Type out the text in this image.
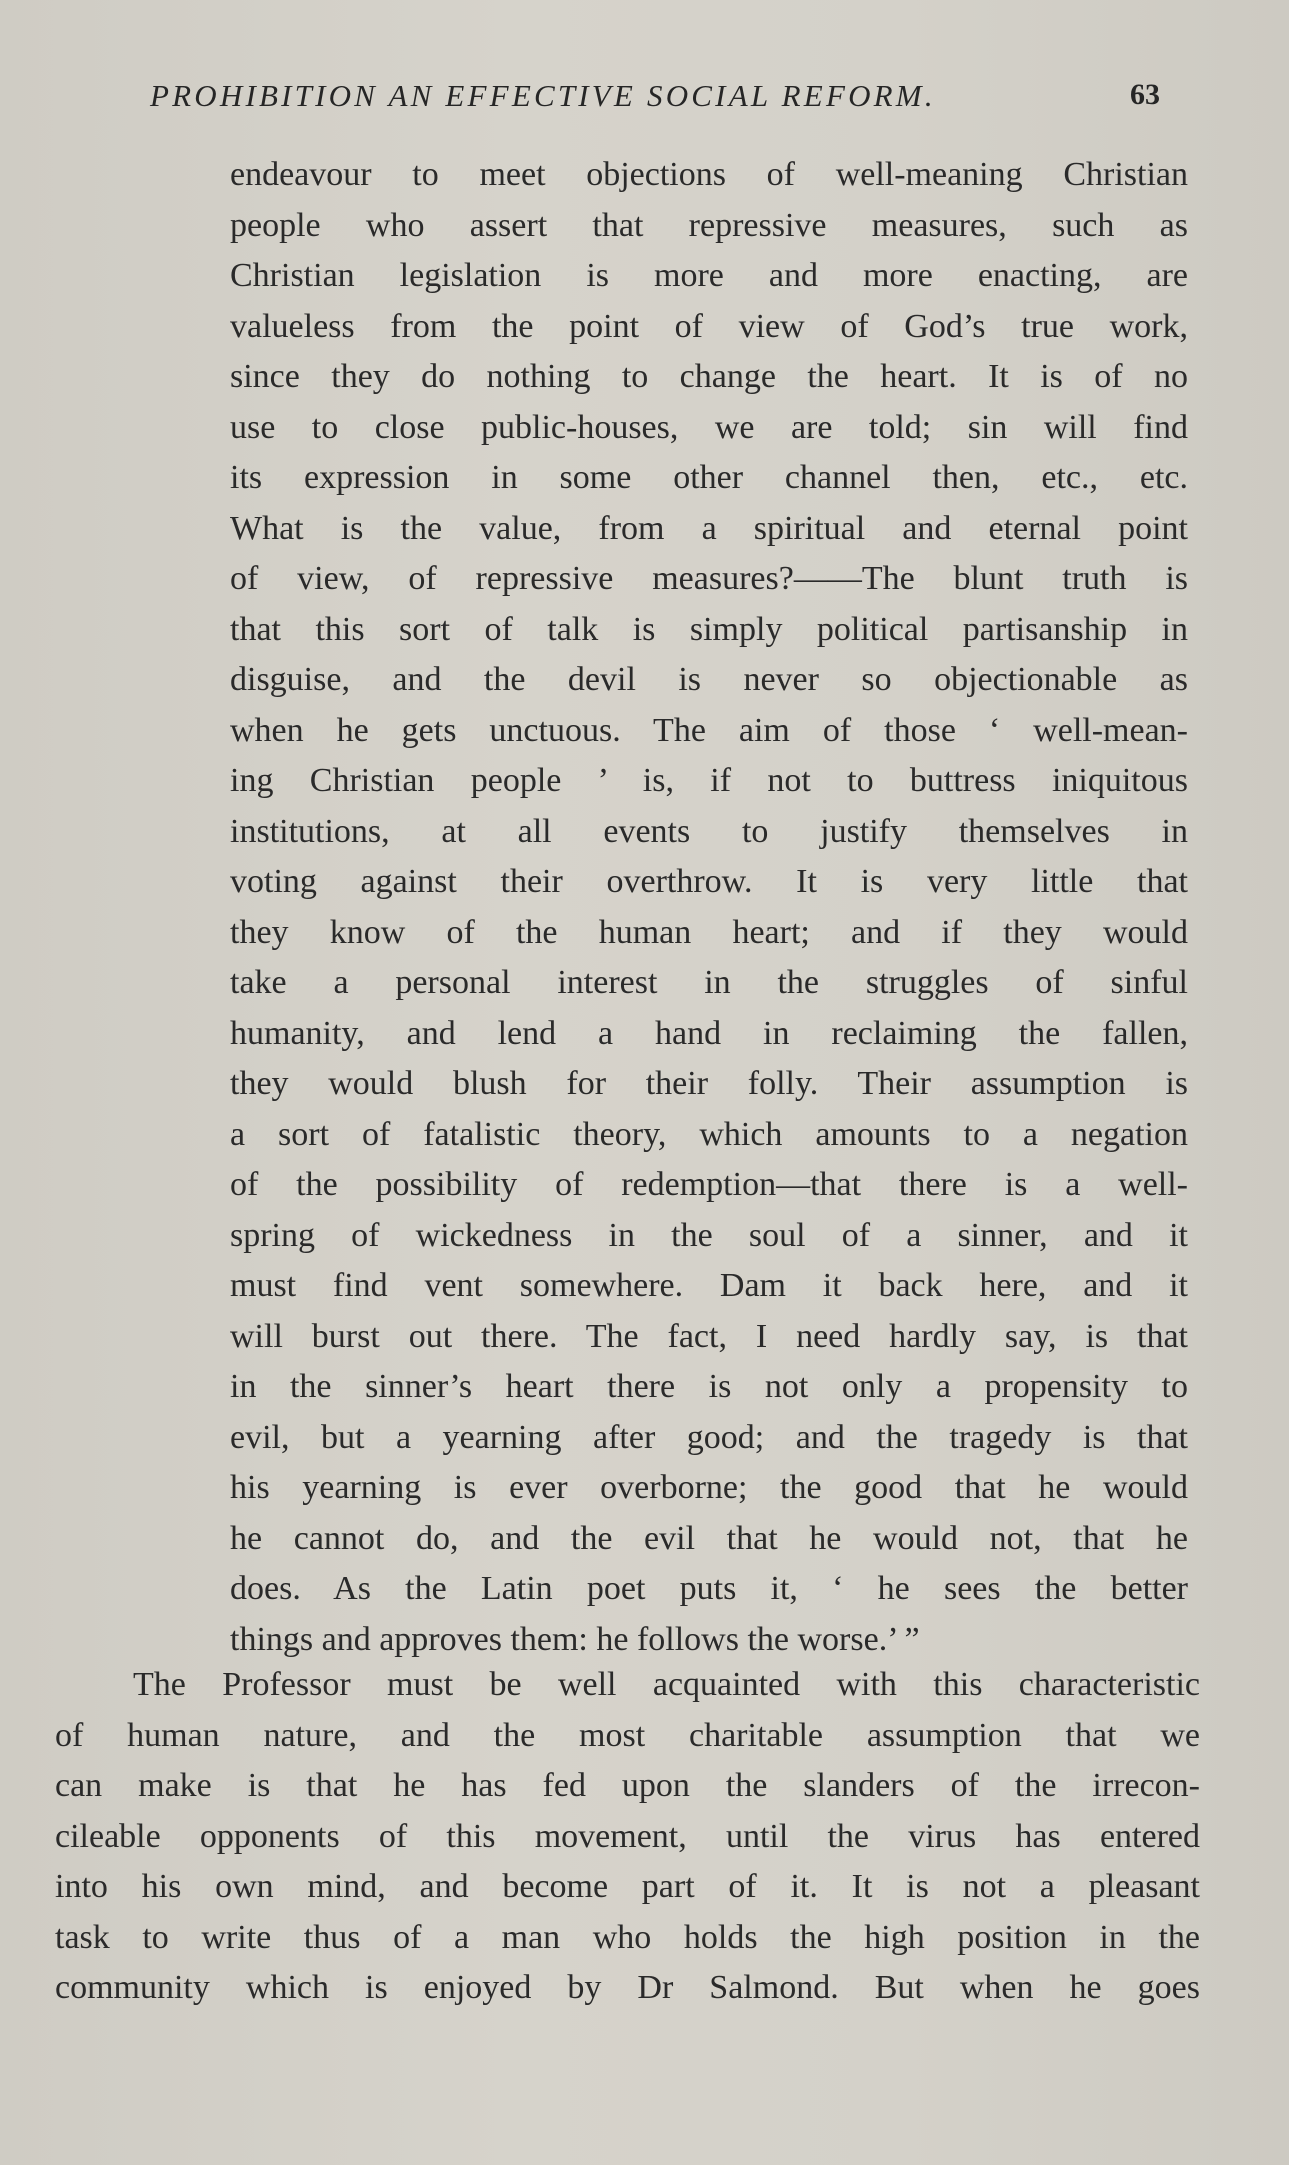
PROHIBITION AN EFFECTIVE SOCIAL REFORM.	63
endeavour to meet objections of well-meaning Christian
people who assert that repressive measures, such as
Christian legislation is more and more enacting, are
valueless from the point of view of God’s true work,
since they do nothing to change the heart. It is of no
use to close public-houses, we are told; sin will find
its expression in some other channel then, etc., etc.
What is the value, from a spiritual and eternal point
of view, of repressive measures?——The blunt truth is
that this sort of talk is simply political partisanship in
disguise, and the devil is never so objectionable as
when he gets unctuous. The aim of those ‘ well-mean-
ing Christian people ’ is, if not to buttress iniquitous
institutions, at all events to justify themselves in
voting against their overthrow. It is very little that
they know of the human heart; and if they would
take a personal interest in the struggles of sinful
humanity, and lend a hand in reclaiming the fallen,
they would blush for their folly. Their assumption is
a sort of fatalistic theory, which amounts to a negation
of the possibility of redemption—that there is a well-
spring of wickedness in the soul of a sinner, and it
must find vent somewhere. Dam it back here, and it
will burst out there. The fact, I need hardly say, is that
in the sinner’s heart there is not only a propensity to
evil, but a yearning after good; and the tragedy is that
his yearning is ever overborne; the good that he would
he cannot do, and the evil that he would not, that he
does. As the Latin poet puts it, ‘ he sees the better
things and approves them: he follows the worse.’ ”
The Professor must be well acquainted with this characteristic
of human nature, and the most charitable assumption that we
can make is that he has fed upon the slanders of the irrecon-
cileable opponents of this movement, until the virus has entered
into his own mind, and become part of it. It is not a pleasant
task to write thus of a man who holds the high position in the
community which is enjoyed by Dr Salmond. But when he goes
